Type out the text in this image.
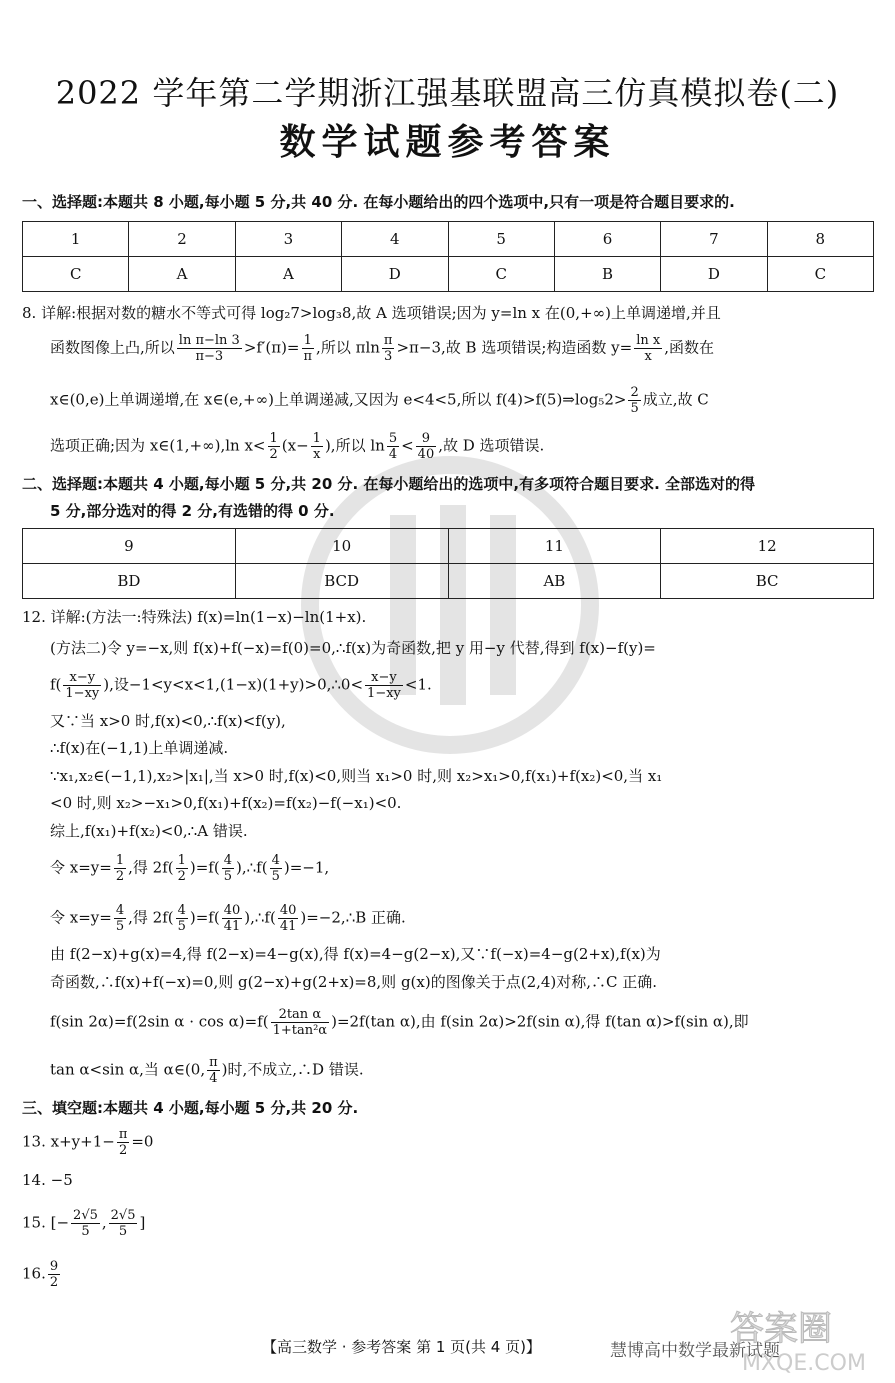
2022 学年第二学期浙江强基联盟高三仿真模拟卷(二)
数学试题参考答案
一、选择题:本题共 8 小题,每小题 5 分,共 40 分. 在每小题给出的四个选项中,只有一项是符合题目要求的.
1	2	3	4	5	6	7	8
C	A	A	D	C	B	D	C
8. 详解:根据对数的糖水不等式可得 log₂7>log₃8,故 A 选项错误;因为 y=ln x 在(0,+∞)上单调递增,并且
函数图像上凸,所以 $\frac{\text{ln π−ln 3}}{\pi-3} >f'(\pi)= \frac{1}{\pi}$ ,所以 πln $\frac{\pi}{3} >\pi-3$,故 B 选项错误;构造函数 $y= \frac{\text{ln x}}{x}$ ,函数在
x∈(0,e)上单调递增,在 x∈(e,+∞)上单调递减,又因为 e<4<5,所以 f(4)>f(5)⇒log₅2> $\frac{2}{5}$ 成立,故 C
选项正确;因为 x∈(1,+∞),ln $x< \frac{1}{2} (x- \frac{1}{x}$ ),所以 $\ln \frac{5}{4} < \frac{9}{40}$ ,故 D 选项错误.
二、选择题:本题共 4 小题,每小题 5 分,共 20 分. 在每小题给出的选项中,有多项符合题目要求. 全部选对的得
5 分,部分选对的得 2 分,有选错的得 0 分.
9	10	11	12
BD	BCD	AB	BC
12. 详解:(方法一:特殊法) f(x)=ln(1−x)−ln(1+x).
(方法二)令 y=−x,则 f(x)+f(−x)=f(0)=0,∴f(x)为奇函数,把 y 用−y 代替,得到 f(x)−f(y)=
$f( \frac{x-y}{1-xy}$ ),设−1<y<x<1,(1−x)(1+y)>0,∴0< $\frac{x-y}{1-xy} <1$.
又∵当 x>0 时,f(x)<0,∴f(x)<f(y),
∴f(x)在(−1,1)上单调递减.
∵x₁,x₂∈(−1,1),x₂>|x₁|,当 x>0 时,f(x)<0,则当 x₁>0 时,则 x₂>x₁>0,f(x₁)+f(x₂)<0,当 x₁
<0 时,则 x₂>−x₁>0,f(x₁)+f(x₂)=f(x₂)−f(−x₁)<0.
综上,f(x₁)+f(x₂)<0,∴A 错误.
令 $x=y= \frac{1}{2}$ ,得 $2f( \frac{1}{2} )=f( \frac{4}{5}$ ),∴f( $\frac{4}{5} )=-1$,
令 $x=y= \frac{4}{5}$ ,得 $2f( \frac{4}{5} )=f( \frac{40}{41}$ ),∴f( $\frac{40}{41}$ )=−2,∴B 正确.
由 f(2−x)+g(x)=4,得 f(2−x)=4−g(x),得 f(x)=4−g(2−x),又∵f(−x)=4−g(2+x),f(x)为
奇函数,∴f(x)+f(−x)=0,则 g(2−x)+g(2+x)=8,则 g(x)的图像关于点(2,4)对称,∴C 正确.
f(sin 2α)=f(2sin $\alpha \cdot \cos \alpha)=f( \frac{\text{2tan α}}{\text{1+tan²α}} )=2f(\tan$ α),由 f(sin 2α)>2f(sin α),得 f(tan α)>f(sin α),即
tan α<sin α,当 α∈(0, $\frac{\pi}{4}$ )时,不成立,∴D 错误.
三、填空题:本题共 4 小题,每小题 5 分,共 20 分.
13. $x+y+1- \frac{\pi}{2} =0$
14. −5
15. [− $\frac{2√5}{5}$ , $\frac{2√5}{5}$ ]
16. $\frac{9}{2}$
【高三数学 · 参考答案 第 1 页(共 4 页)】	慧博高中数学最新试题
答案圈
MXQE.COM
